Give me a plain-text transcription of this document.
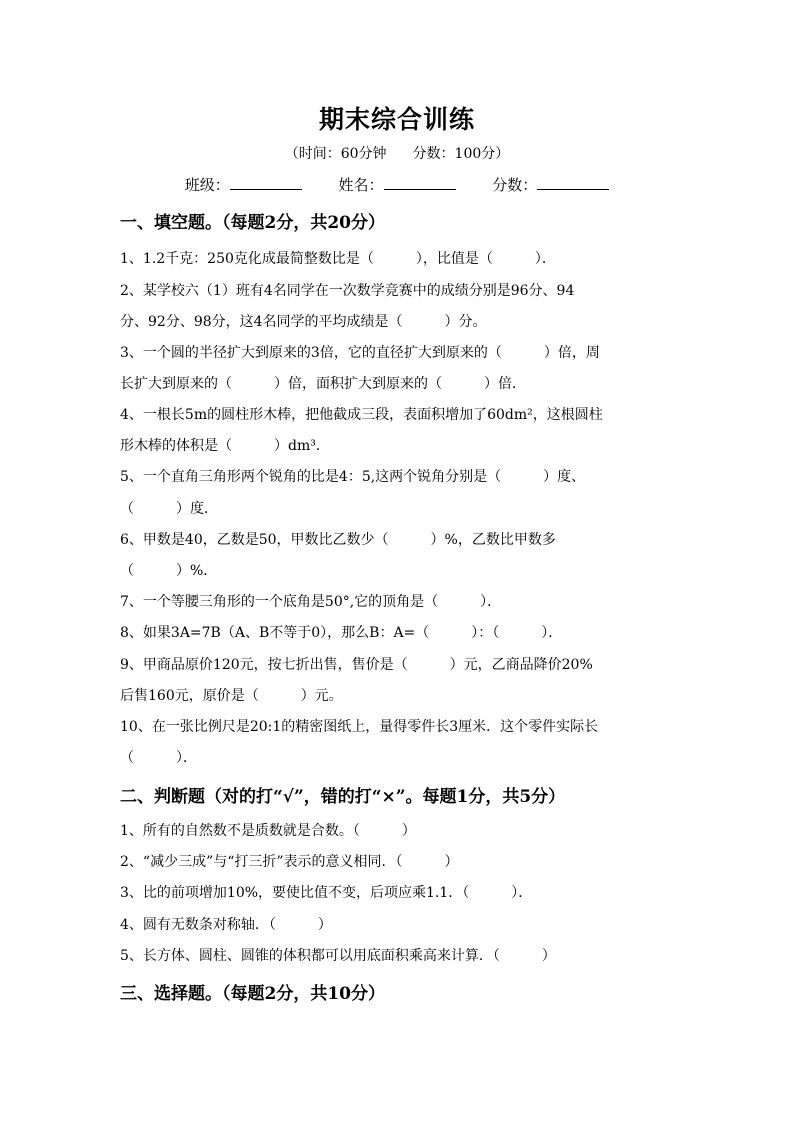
期末综合训练
（时间：60分钟 分数：100分）
班级：	姓名：	分数：
一、填空题。（每题2分，共20分）
1、1.2千克：250克化成最简整数比是（　　　），比值是（　　　）．
2、某学校六（1）班有4名同学在一次数学竞赛中的成绩分别是96分、94
分、92分、98分，这4名同学的平均成绩是（　　　）分。
3、一个圆的半径扩大到原来的3倍，它的直径扩大到原来的（　　　）倍，周
长扩大到原来的（　　　）倍，面积扩大到原来的（　　　）倍．
4、一根长5m的圆柱形木棒，把他截成三段，表面积增加了60dm²，这根圆柱
形木棒的体积是（　　　）dm³．
5、一个直角三角形两个锐角的比是4：5,这两个锐角分别是（　　　）度、
（　　　）度．
6、甲数是40，乙数是50，甲数比乙数少（　　　）%，乙数比甲数多
（　　　）%．
7、一个等腰三角形的一个底角是50°,它的顶角是（　　　）．
8、如果3A=7B（A、B不等于0），那么B：A=（　　　）：（　　　）．
9、甲商品原价120元，按七折出售，售价是（　　　）元，乙商品降价20%
后售160元，原价是（　　　）元。
10、在一张比例尺是20:1的精密图纸上，量得零件长3厘米．这个零件实际长
（　　　）．
二、判断题（对的打“√”，错的打“×”。每题1分，共5分）
1、所有的自然数不是质数就是合数。（　　　）
2、“减少三成”与“打三折”表示的意义相同．（　　　）
3、比的前项增加10%，要使比值不变，后项应乘1.1．（　　　）．
4、圆有无数条对称轴．（　　　）
5、长方体、圆柱、圆锥的体积都可以用底面积乘高来计算．（　　　）
三、选择题。（每题2分，共10分）
